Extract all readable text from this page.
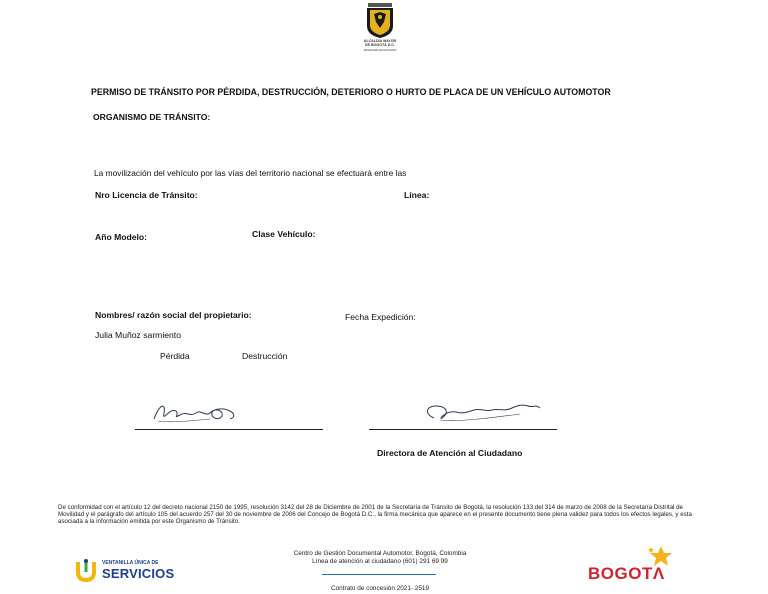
ALCALDÍA MAYOR
DE BOGOTÁ D.C.
SECRETARÍA DE MOVILIDAD
PERMISO DE TRÁNSITO POR PÉRDIDA, DESTRUCCIÓN, DETERIORO O HURTO DE PLACA DE UN VEHÍCULO AUTOMOTOR
ORGANISMO DE TRÁNSITO:
La movilización del vehículo por las vías del territorio nacional se efectuará entre las
Nro Licencia de Tránsito:	Línea:
Año Modelo:	Clase Vehículo:
Nombres/ razón social del propietario:	Fecha Expedición:
Julia Muñoz sarmiento
Pérdida	Destrucción
Directora de Atención al Ciudadano
De conformidad con el artículo 12 del decreto nacional 2150 de 1995, resolución 3142 del 28 de Diciembre de 2001 de la Secretaría de Tránsito de Bogotá, la resolución 133 del 314 de marzo de 2008 de la Secretaría Distrital de Movilidad y el parágrafo del artículo 105 del acuerdo 257 del 30 de noviembre de 2006 del Concejo de Bogotá D.C., la firma mecánica que aparece en el presente documento tiene plena validez para todos los efectos legales, y esta asociada a la información emitida por este Organismo de Tránsito.
VENTANILLA ÚNICA DE
SERVICIOS
Centro de Gestión Documental Automotor, Bogotá, Colombia
Línea de atención al ciudadano (601) 291 69 99
Contrato de concesión 2021- 2519
BOGOTΛ
